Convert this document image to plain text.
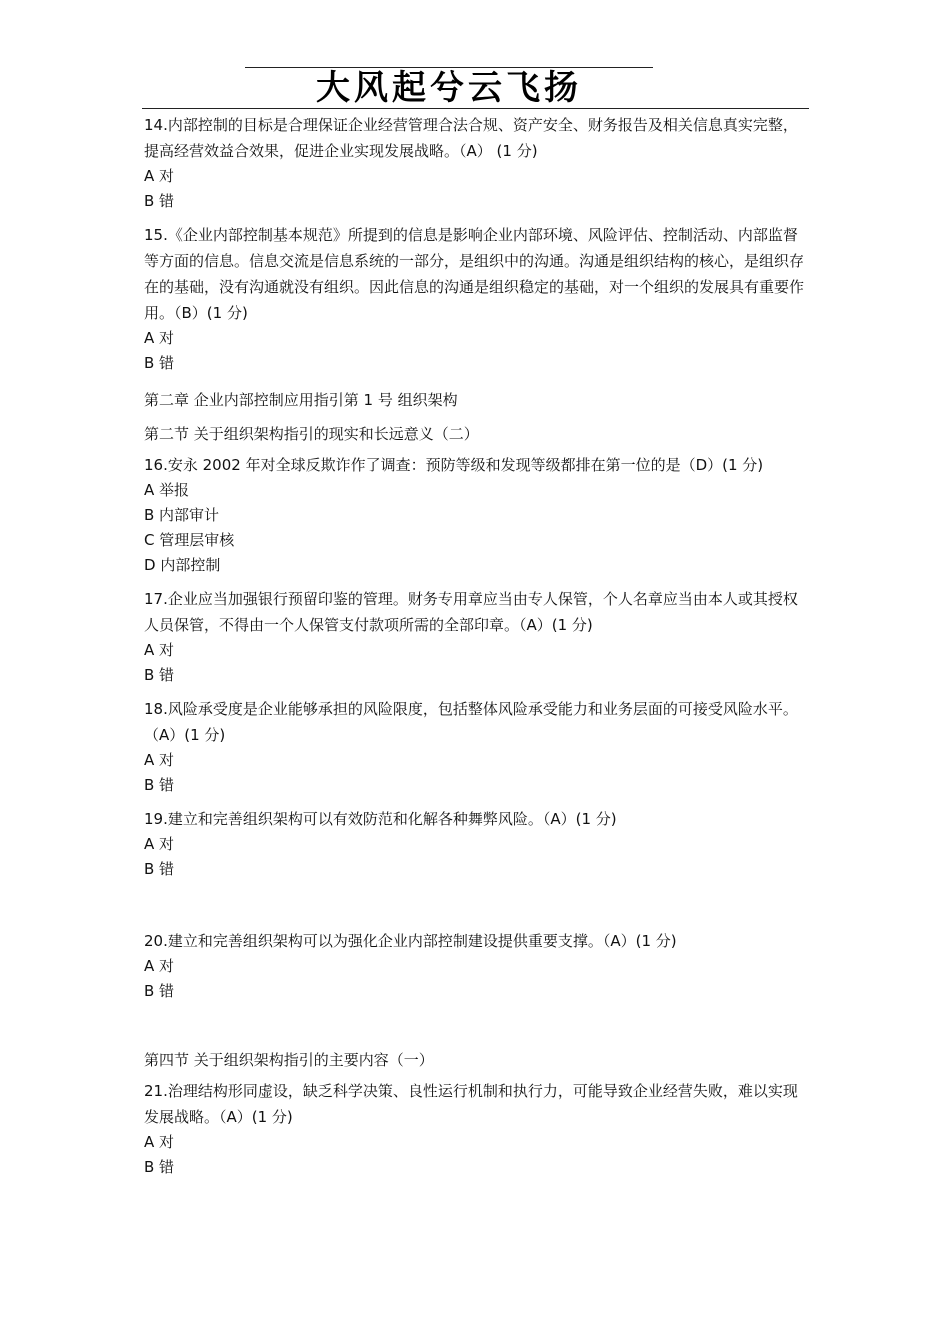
大风起兮云飞扬
14.内部控制的目标是合理保证企业经营管理合法合规、资产安全、财务报告及相关信息真实完整，提高经营效益合效果，促进企业实现发展战略。（A） (1 分)
A 对
B 错
15.《企业内部控制基本规范》所提到的信息是影响企业内部环境、风险评估、控制活动、内部监督等方面的信息。信息交流是信息系统的一部分，是组织中的沟通。沟通是组织结构的核心，是组织存在的基础，没有沟通就没有组织。因此信息的沟通是组织稳定的基础，对一个组织的发展具有重要作用。（B）(1 分)
A 对
B 错
第二章 企业内部控制应用指引第 1 号 组织架构
第二节 关于组织架构指引的现实和长远意义（二）
16.安永 2002 年对全球反欺诈作了调查：预防等级和发现等级都排在第一位的是（D）(1 分)
A 举报
B 内部审计
C 管理层审核
D 内部控制
17.企业应当加强银行预留印鉴的管理。财务专用章应当由专人保管，个人名章应当由本人或其授权人员保管，不得由一个人保管支付款项所需的全部印章。（A）(1 分)
A 对
B 错
18.风险承受度是企业能够承担的风险限度，包括整体风险承受能力和业务层面的可接受风险水平。（A）(1 分)
A 对
B 错
19.建立和完善组织架构可以有效防范和化解各种舞弊风险。（A）(1 分)
A 对
B 错
20.建立和完善组织架构可以为强化企业内部控制建设提供重要支撑。（A）(1 分)
A 对
B 错
第四节 关于组织架构指引的主要内容（一）
21.治理结构形同虚设，缺乏科学决策、良性运行机制和执行力，可能导致企业经营失败，难以实现发展战略。（A）(1 分)
A 对
B 错
